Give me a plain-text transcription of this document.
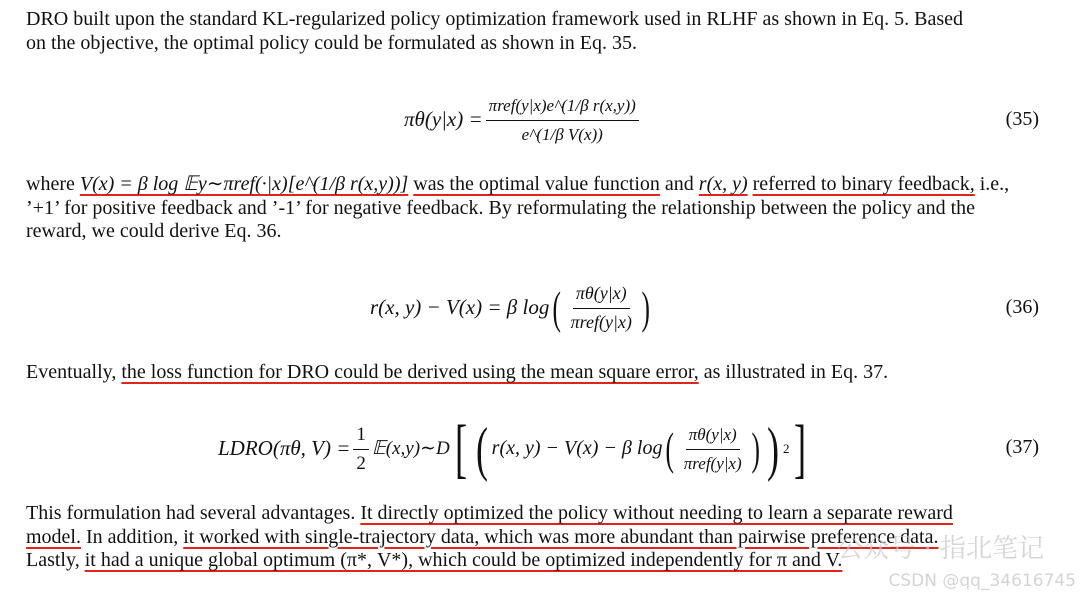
DRO built upon the standard KL-regularized policy optimization framework used in RLHF as shown in Eq. 5. Based
on the objective, the optimal policy could be formulated as shown in Eq. 35.
$\pi\theta(y|x) = \frac{\text{πref(y|x)e\textasciicircum{}(1/β r(x,y))}}{\text{e\textasciicircum{}(1/β V(x))}}$	(35)
where V(x) = β log 𝔼y∼πref(·|x)[e^(1/β r(x,y))] was the optimal value function and r(x, y) referred to binary feedback, i.e.,
’+1’ for positive feedback and ’-1’ for negative feedback. By reformulating the relationship between the policy and the
reward, we could derive Eq. 36.
r(x, y) − V(x) = β log ( $\frac{\pi\theta(y|x)}{\text{πref(y|x)}}$ )	(36)
Eventually, the loss function for DRO could be derived using the mean square error, as illustrated in Eq. 37.
LDRO(πθ, $V) = \frac{1}{2}$ 𝔼(x,y)∼D [ ( r(x, y) − V(x) − β log ( $\frac{\pi\theta(y|x)}{\text{πref(y|x)}}$ ) ) 2 ]	(37)
This formulation had several advantages. It directly optimized the policy without needing to learn a separate reward
model. In addition, it worked with single-trajectory data, which was more abundant than pairwise preference data.
Lastly, it had a unique global optimum (π*, V*), which could be optimized independently for π and V.
公众号 · 指北笔记
CSDN @qq_34616745
